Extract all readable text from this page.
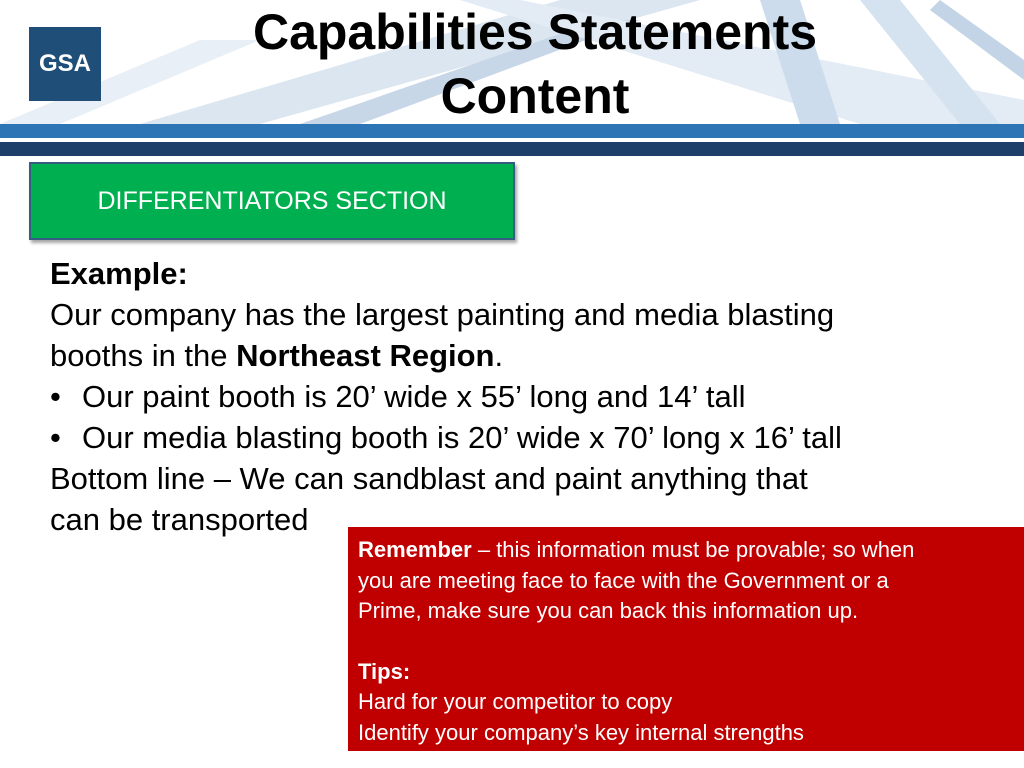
GSA
Capabilities Statements
Content
DIFFERENTIATORS SECTION
Example:
Our company has the largest painting and media blasting
booths in the Northeast Region.
• Our paint booth is 20’ wide x 55’ long and 14’ tall
• Our media blasting booth is 20’ wide x 70’ long x 16’ tall
Bottom line – We can sandblast and paint anything that
can be transported
Remember – this information must be provable; so when
you are meeting face to face with the Government or a
Prime, make sure you can back this information up.
Tips:
Hard for your competitor to copy
Identify your company’s key internal strengths
